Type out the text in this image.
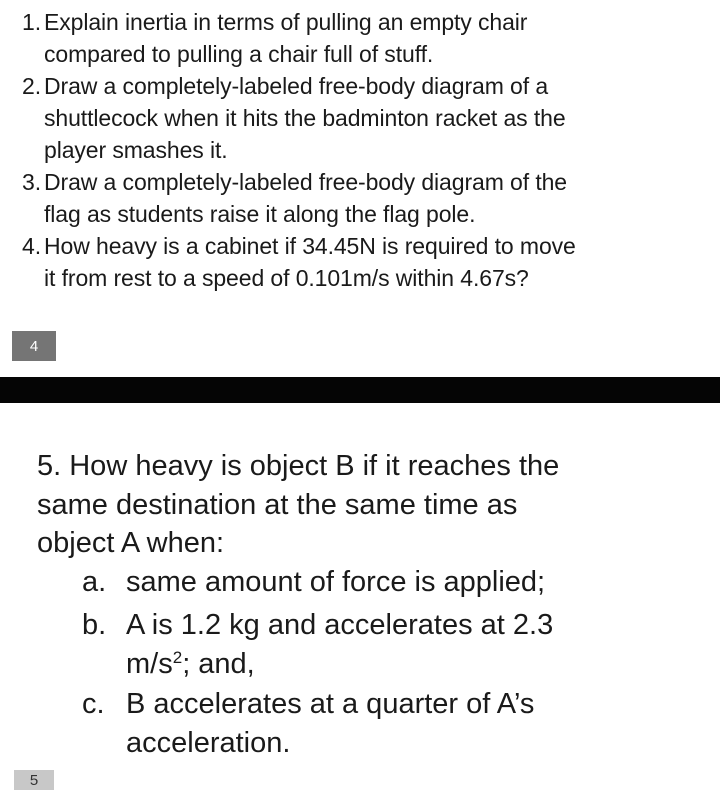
1. Explain inertia in terms of pulling an empty chair
compared to pulling a chair full of stuff.
2. Draw a completely-labeled free-body diagram of a
shuttlecock when it hits the badminton racket as the
player smashes it.
3. Draw a completely-labeled free-body diagram of the
flag as students raise it along the flag pole.
4. How heavy is a cabinet if 34.45N is required to move
it from rest to a speed of 0.101m/s within 4.67s?
4
5. How heavy is object B if it reaches the
same destination at the same time as
object A when:
a. same amount of force is applied;
b. A is 1.2 kg and accelerates at 2.3
$m/s^2$; and,
c. B accelerates at a quarter of A’s
acceleration.
5
